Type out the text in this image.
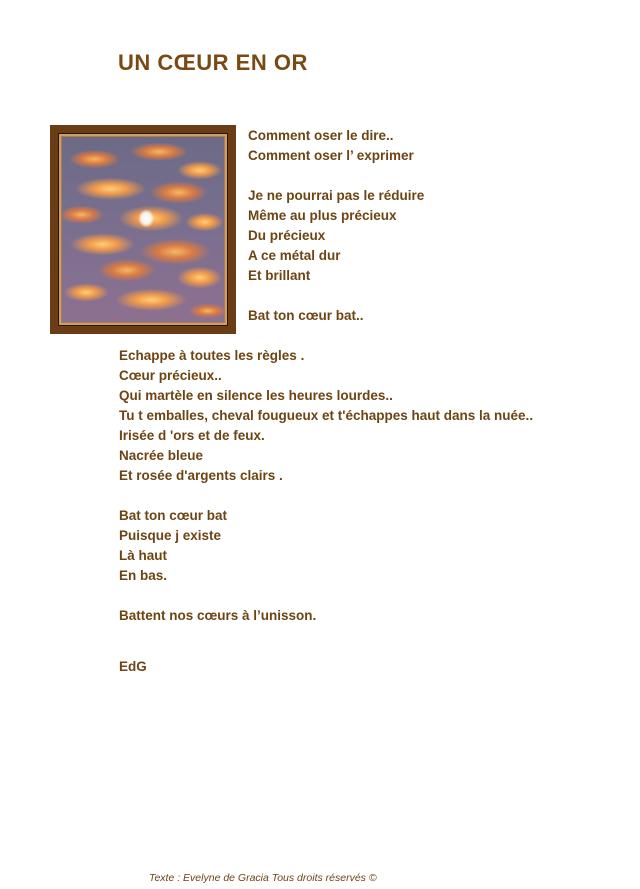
UN CŒUR EN OR
Comment oser le dire..
Comment oser l’ exprimer
Je ne pourrai pas le réduire
Même au plus précieux
Du précieux
A ce métal dur
Et brillant
Bat ton cœur bat..
Echappe à toutes les règles .
Cœur précieux..
Qui martèle en silence les heures lourdes..
Tu t emballes, cheval fougueux et t'échappes haut dans la nuée..
Irisée d 'ors et de feux.
Nacrée bleue
Et rosée d'argents clairs .
Bat ton cœur bat
Puisque j existe
Là haut
En bas.
Battent nos cœurs à l’unisson.
EdG
Texte : Evelyne de Gracia Tous droits réservés ©
